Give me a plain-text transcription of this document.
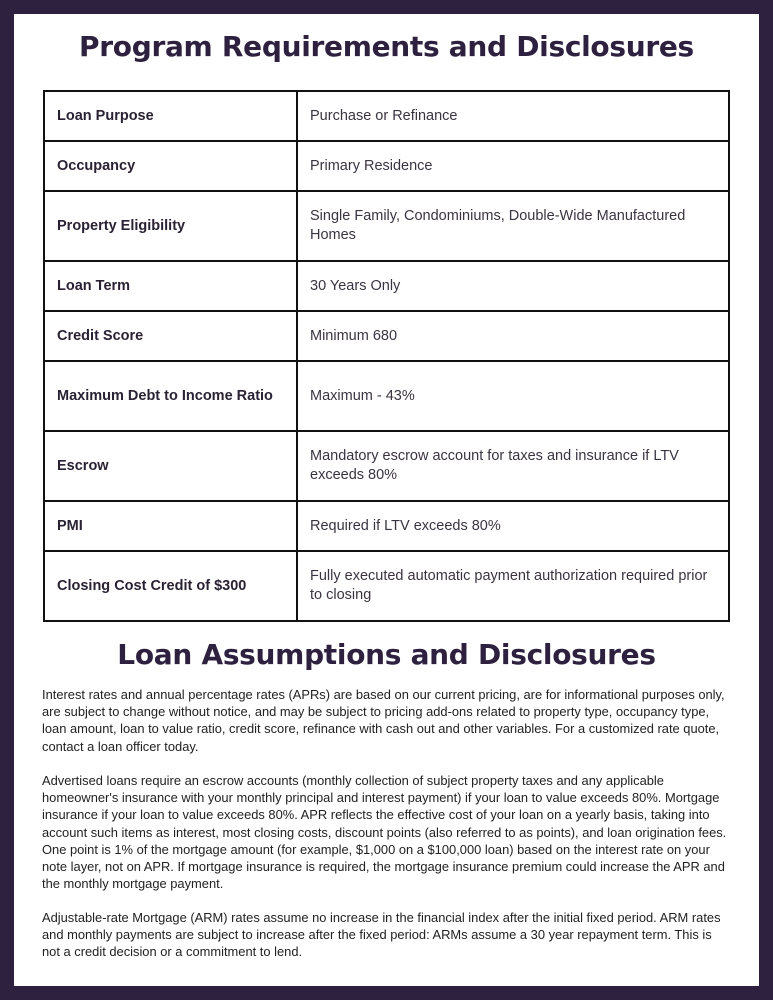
Program Requirements and Disclosures
Loan Purpose	Purchase or Refinance
Occupancy	Primary Residence
Property Eligibility	Single Family, Condominiums, Double-Wide Manufactured Homes
Loan Term	30 Years Only
Credit Score	Minimum 680
Maximum Debt to Income Ratio	Maximum - 43%
Escrow	Mandatory escrow account for taxes and insurance if LTV exceeds 80%
PMI	Required if LTV exceeds 80%
Closing Cost Credit of $300	Fully executed automatic payment authorization required prior to closing
Loan Assumptions and Disclosures

Interest rates and annual percentage rates (APRs) are based on our current pricing, are for informational purposes only, are subject to change without notice, and may be subject to pricing add-ons related to property type, occupancy type, loan amount, loan to value ratio, credit score, refinance with cash out and other variables. For a customized rate quote, contact a loan officer today.

Advertised loans require an escrow accounts (monthly collection of subject property taxes and any applicable homeowner's insurance with your monthly principal and interest payment) if your loan to value exceeds 80%. Mortgage insurance if your loan to value exceeds 80%. APR reflects the effective cost of your loan on a yearly basis, taking into account such items as interest, most closing costs, discount points (also referred to as points), and loan origination fees. One point is 1% of the mortgage amount (for example, $1,000 on a $100,000 loan) based on the interest rate on your note layer, not on APR. If mortgage insurance is required, the mortgage insurance premium could increase the APR and the monthly mortgage payment.

Adjustable-rate Mortgage (ARM) rates assume no increase in the financial index after the initial fixed period. ARM rates and monthly payments are subject to increase after the fixed period: ARMs assume a 30 year repayment term. This is not a credit decision or a commitment to lend.
